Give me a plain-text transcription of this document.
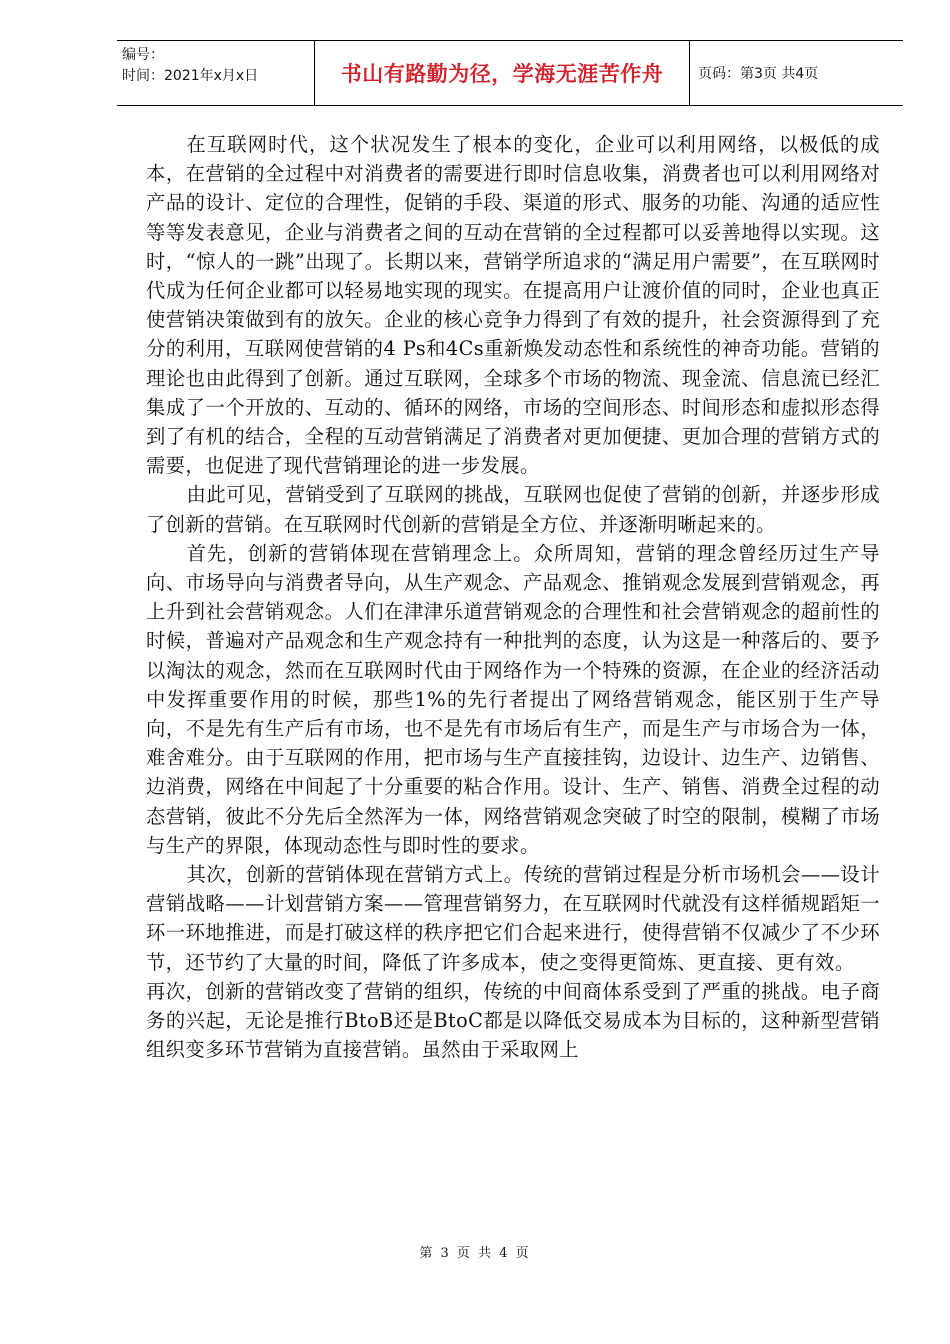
编号：
时间：2021年x月x日	书山有路勤为径，学海无涯苦作舟	页码：第3页 共4页

在互联网时代，这个状况发生了根本的变化，企业可以利用网络，以极低的成本，在营销的全过程中对消费者的需要进行即时信息收集，消费者也可以利用网络对产品的设计、定位的合理性，促销的手段、渠道的形式、服务的功能、沟通的适应性等等发表意见，企业与消费者之间的互动在营销的全过程都可以妥善地得以实现。这时，“惊人的一跳”出现了。长期以来，营销学所追求的“满足用户需要”，在互联网时代成为任何企业都可以轻易地实现的现实。在提高用户让渡价值的同时，企业也真正使营销决策做到有的放矢。企业的核心竞争力得到了有效的提升，社会资源得到了充分的利用，互联网使营销的4 Ps和4Cs重新焕发动态性和系统性的神奇功能。营销的理论也由此得到了创新。通过互联网，全球多个市场的物流、现金流、信息流已经汇集成了一个开放的、互动的、循环的网络，市场的空间形态、时间形态和虚拟形态得到了有机的结合，全程的互动营销满足了消费者对更加便捷、更加合理的营销方式的需要，也促进了现代营销理论的进一步发展。

由此可见，营销受到了互联网的挑战，互联网也促使了营销的创新，并逐步形成了创新的营销。在互联网时代创新的营销是全方位、并逐渐明晰起来的。

首先，创新的营销体现在营销理念上。众所周知，营销的理念曾经历过生产导向、市场导向与消费者导向，从生产观念、产品观念、推销观念发展到营销观念，再上升到社会营销观念。人们在津津乐道营销观念的合理性和社会营销观念的超前性的时候，普遍对产品观念和生产观念持有一种批判的态度，认为这是一种落后的、要予以淘汰的观念，然而在互联网时代由于网络作为一个特殊的资源，在企业的经济活动中发挥重要作用的时候，那些1%的先行者提出了网络营销观念，能区别于生产导向，不是先有生产后有市场，也不是先有市场后有生产，而是生产与市场合为一体，难舍难分。由于互联网的作用，把市场与生产直接挂钩，边设计、边生产、边销售、边消费，网络在中间起了十分重要的粘合作用。设计、生产、销售、消费全过程的动态营销，彼此不分先后全然浑为一体，网络营销观念突破了时空的限制，模糊了市场与生产的界限，体现动态性与即时性的要求。

其次，创新的营销体现在营销方式上。传统的营销过程是分析市场机会——设计营销战略——计划营销方案——管理营销努力，在互联网时代就没有这样循规蹈矩一环一环地推进，而是打破这样的秩序把它们合起来进行，使得营销不仅减少了不少环节，还节约了大量的时间，降低了许多成本，使之变得更简炼、更直接、更有效。

再次，创新的营销改变了营销的组织，传统的中间商体系受到了严重的挑战。电子商务的兴起，无论是推行BtoB还是BtoC都是以降低交易成本为目标的，这种新型营销组织变多环节营销为直接营销。虽然由于采取网上

第 3 页 共 4 页
